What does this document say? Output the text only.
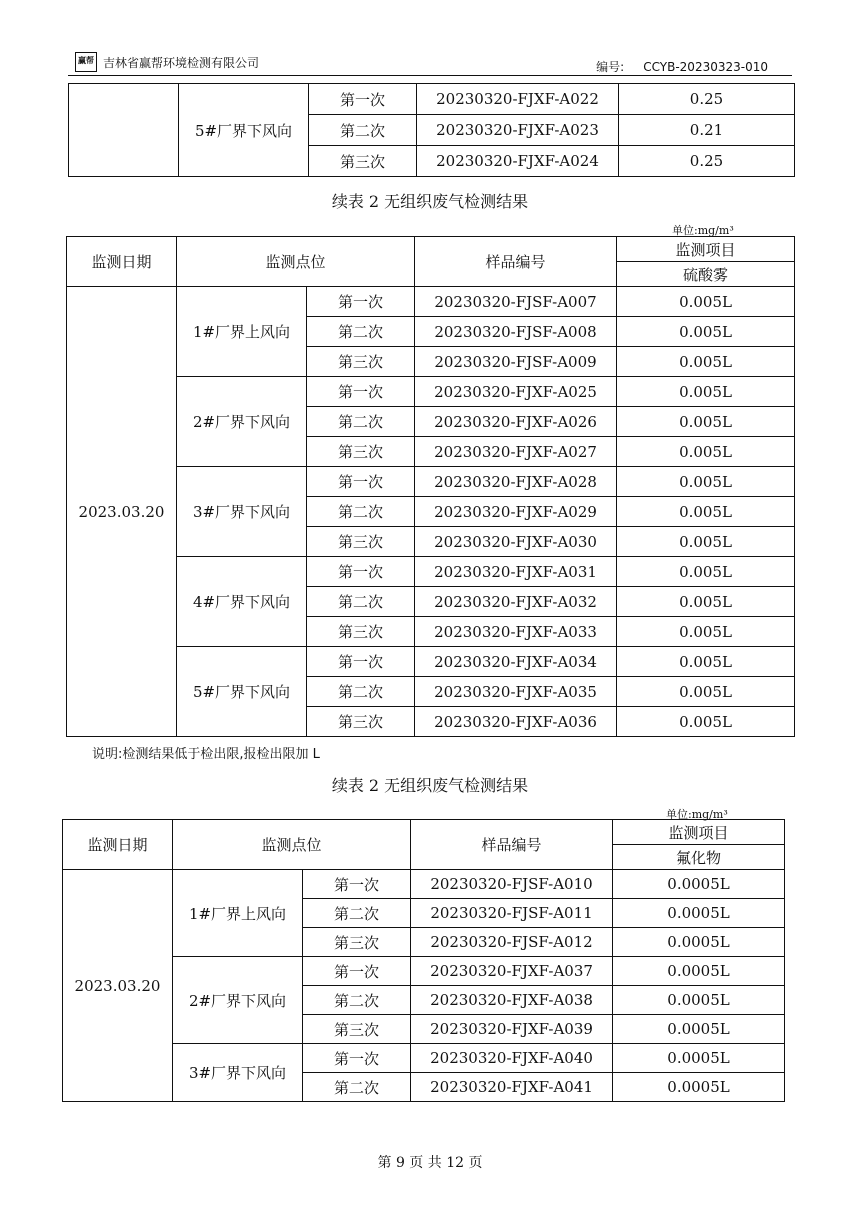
赢帮 吉林省赢帮环境检测有限公司	编号: CCYB-20230323-010
	5#厂界下风向	第一次	20230320-FJXF-A022	0.25
		第二次	20230320-FJXF-A023	0.21
		第三次	20230320-FJXF-A024	0.25
续表 2 无组织废气检测结果
单位:mg/m³
监测日期	监测点位		样品编号	监测项目
				硫酸雾
2023.03.20	1#厂界上风向	第一次	20230320-FJSF-A007	0.005L
		第二次	20230320-FJSF-A008	0.005L
		第三次	20230320-FJSF-A009	0.005L
	2#厂界下风向	第一次	20230320-FJXF-A025	0.005L
		第二次	20230320-FJXF-A026	0.005L
		第三次	20230320-FJXF-A027	0.005L
	3#厂界下风向	第一次	20230320-FJXF-A028	0.005L
		第二次	20230320-FJXF-A029	0.005L
		第三次	20230320-FJXF-A030	0.005L
	4#厂界下风向	第一次	20230320-FJXF-A031	0.005L
		第二次	20230320-FJXF-A032	0.005L
		第三次	20230320-FJXF-A033	0.005L
	5#厂界下风向	第一次	20230320-FJXF-A034	0.005L
		第二次	20230320-FJXF-A035	0.005L
		第三次	20230320-FJXF-A036	0.005L
说明:检测结果低于检出限,报检出限加 L
续表 2 无组织废气检测结果
单位:mg/m³
监测日期	监测点位		样品编号	监测项目
				氟化物
2023.03.20	1#厂界上风向	第一次	20230320-FJSF-A010	0.0005L
		第二次	20230320-FJSF-A011	0.0005L
		第三次	20230320-FJSF-A012	0.0005L
	2#厂界下风向	第一次	20230320-FJXF-A037	0.0005L
		第二次	20230320-FJXF-A038	0.0005L
		第三次	20230320-FJXF-A039	0.0005L
	3#厂界下风向	第一次	20230320-FJXF-A040	0.0005L
		第二次	20230320-FJXF-A041	0.0005L
第 9 页 共 12 页
